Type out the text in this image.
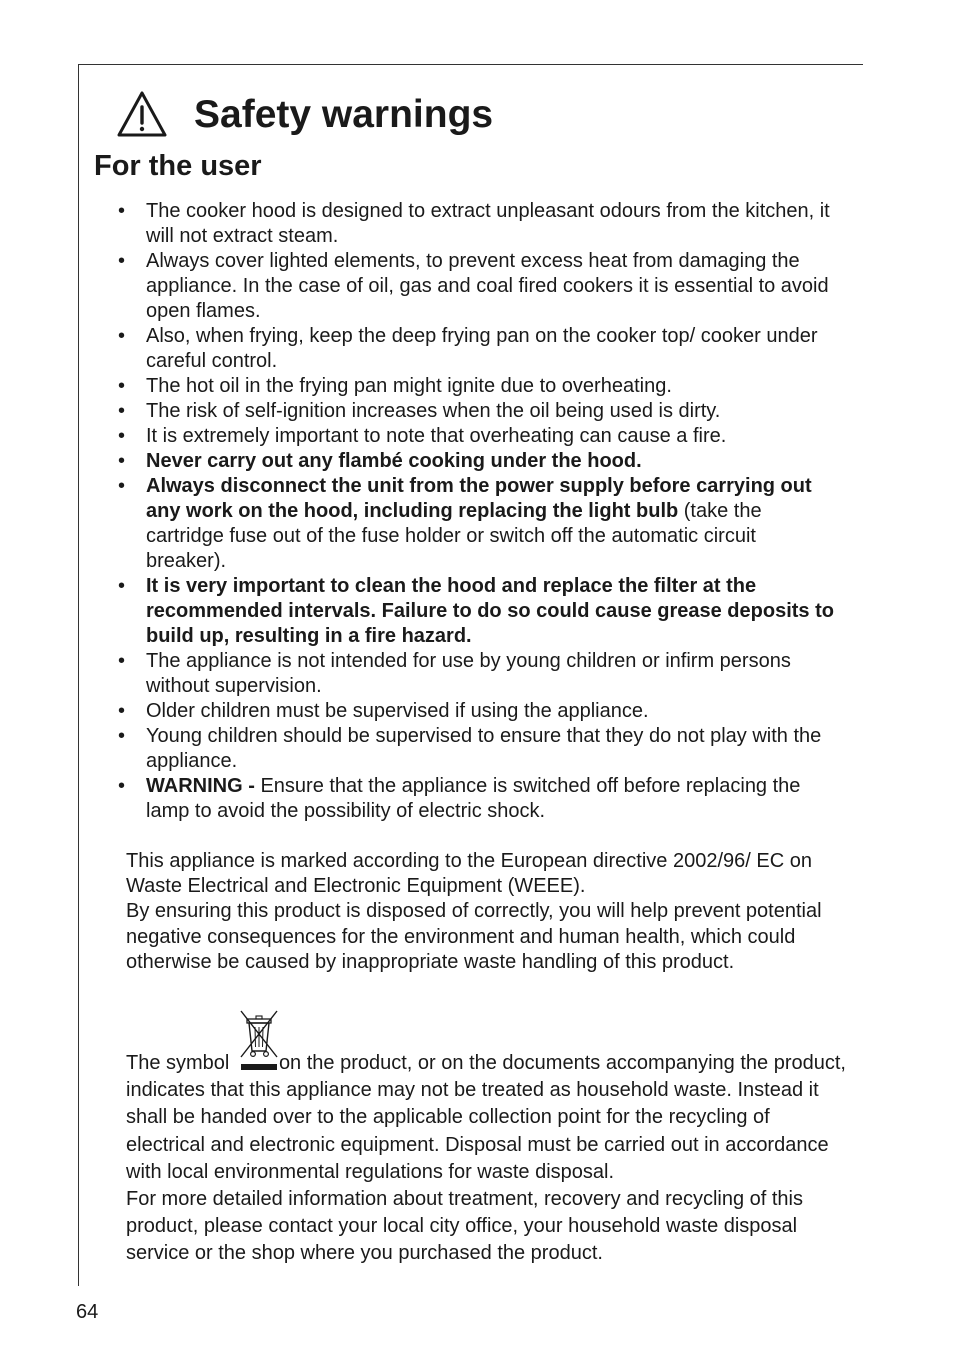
Safety warnings
For the user
• The cooker hood is designed to extract unpleasant odours from the kitchen, it will not extract steam.
• Always cover lighted elements, to prevent excess heat from damaging the appliance. In the case of oil, gas and coal fired cookers it is essential to avoid open flames.
• Also, when frying, keep the deep frying pan on the cooker top/ cooker under careful control.
• The hot oil in the frying pan might ignite due to overheating.
• The risk of self-ignition increases when the oil being used is dirty.
• It is extremely important to note that overheating can cause a fire.
• Never carry out any flambé cooking under the hood.
• Always disconnect the unit from the power supply before carrying out any work on the hood, including replacing the light bulb (take the cartridge fuse out of the fuse holder or switch off the automatic circuit breaker).
• It is very important to clean the hood and replace the filter at the recommended intervals. Failure to do so could cause grease deposits to build up, resulting in a fire hazard.
• The appliance is not intended for use by young children or infirm persons without supervision.
• Older children must be supervised if using the appliance.
• Young children should be supervised to ensure that they do not play with the appliance.
• WARNING - Ensure that the appliance is switched off before replacing the lamp to avoid the possibility of electric shock.
This appliance is marked according to the European directive 2002/96/ EC on Waste Electrical and Electronic Equipment (WEEE).
By ensuring this product is disposed of correctly, you will help prevent potential negative consequences for the environment and human health, which could otherwise be caused by inappropriate waste handling of this product.
The symbol
on the product, or on the documents accompanying the product, indicates that this appliance may not be treated as household waste. Instead it shall be handed over to the applicable collection point for the recycling of electrical and electronic equipment. Disposal must be carried out in accordance with local environmental regulations for waste disposal.
For more detailed information about treatment, recovery and recycling of this product, please contact your local city office, your household waste disposal service or the shop where you purchased the product.
64
